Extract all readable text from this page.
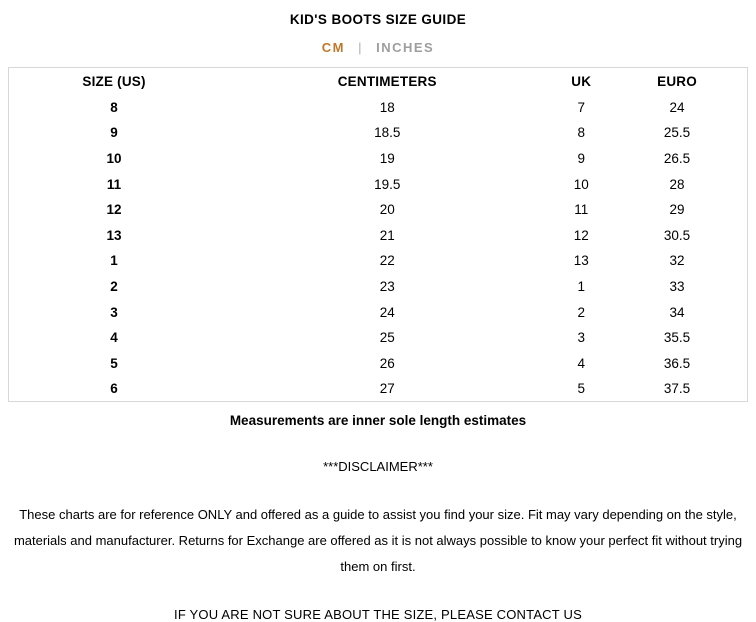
KID'S BOOTS SIZE GUIDE
CM | INCHES
SIZE (US)	CENTIMETERS	UK	EURO
8	18	7	24
9	18.5	8	25.5
10	19	9	26.5
11	19.5	10	28
12	20	11	29
13	21	12	30.5
1	22	13	32
2	23	1	33
3	24	2	34
4	25	3	35.5
5	26	4	36.5
6	27	5	37.5
Measurements are inner sole length estimates
***DISCLAIMER***
These charts are for reference ONLY and offered as a guide to assist you find your size. Fit may vary depending on the style, materials and manufacturer. Returns for Exchange are offered as it is not always possible to know your perfect fit without trying them on first.
IF YOU ARE NOT SURE ABOUT THE SIZE, PLEASE CONTACT US
